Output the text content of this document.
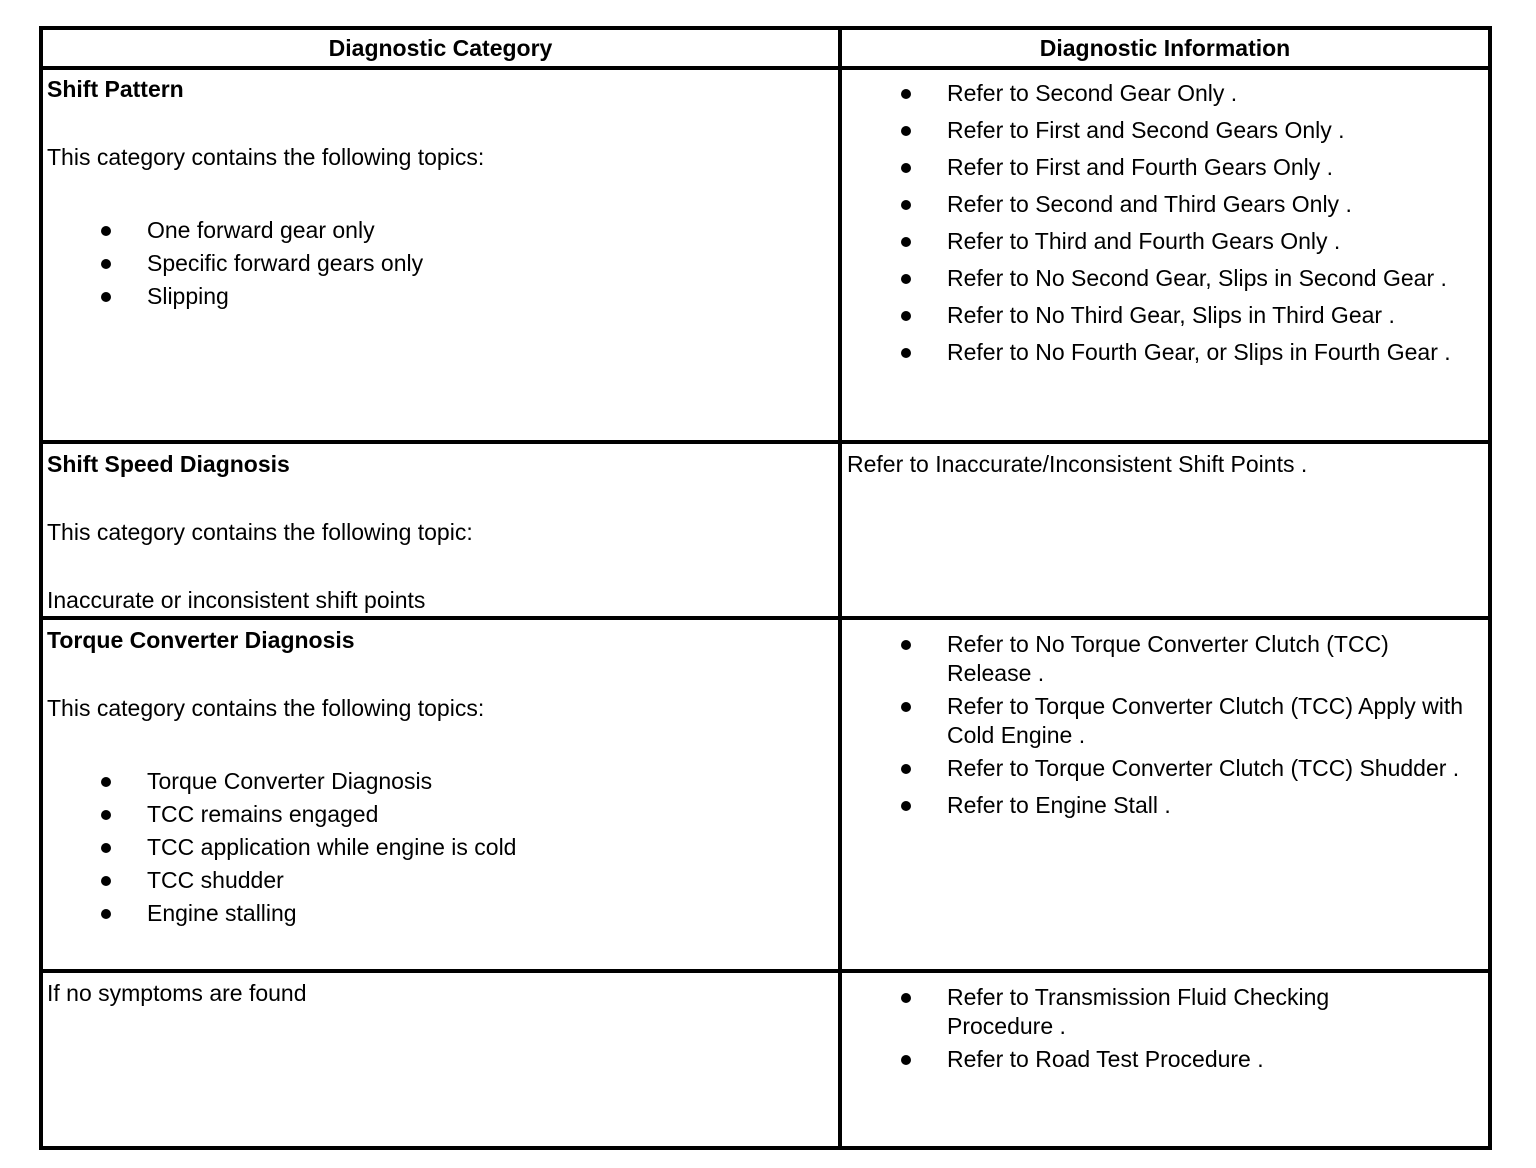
Diagnostic Category	Diagnostic Information
Shift Pattern
This category contains the following topics:
One forward gear only
Specific forward gears only
Slipping
Refer to Second Gear Only .
Refer to First and Second Gears Only .
Refer to First and Fourth Gears Only .
Refer to Second and Third Gears Only .
Refer to Third and Fourth Gears Only .
Refer to No Second Gear, Slips in Second Gear .
Refer to No Third Gear, Slips in Third Gear .
Refer to No Fourth Gear, or Slips in Fourth Gear .
Shift Speed Diagnosis
This category contains the following topic:
Inaccurate or inconsistent shift points
Refer to Inaccurate/Inconsistent Shift Points .
Torque Converter Diagnosis
This category contains the following topics:
Torque Converter Diagnosis
TCC remains engaged
TCC application while engine is cold
TCC shudder
Engine stalling
Refer to No Torque Converter Clutch (TCC) Release .
Refer to Torque Converter Clutch (TCC) Apply with Cold Engine .
Refer to Torque Converter Clutch (TCC) Shudder .
Refer to Engine Stall .
If no symptoms are found	Refer to Transmission Fluid Checking Procedure .
Refer to Road Test Procedure .
